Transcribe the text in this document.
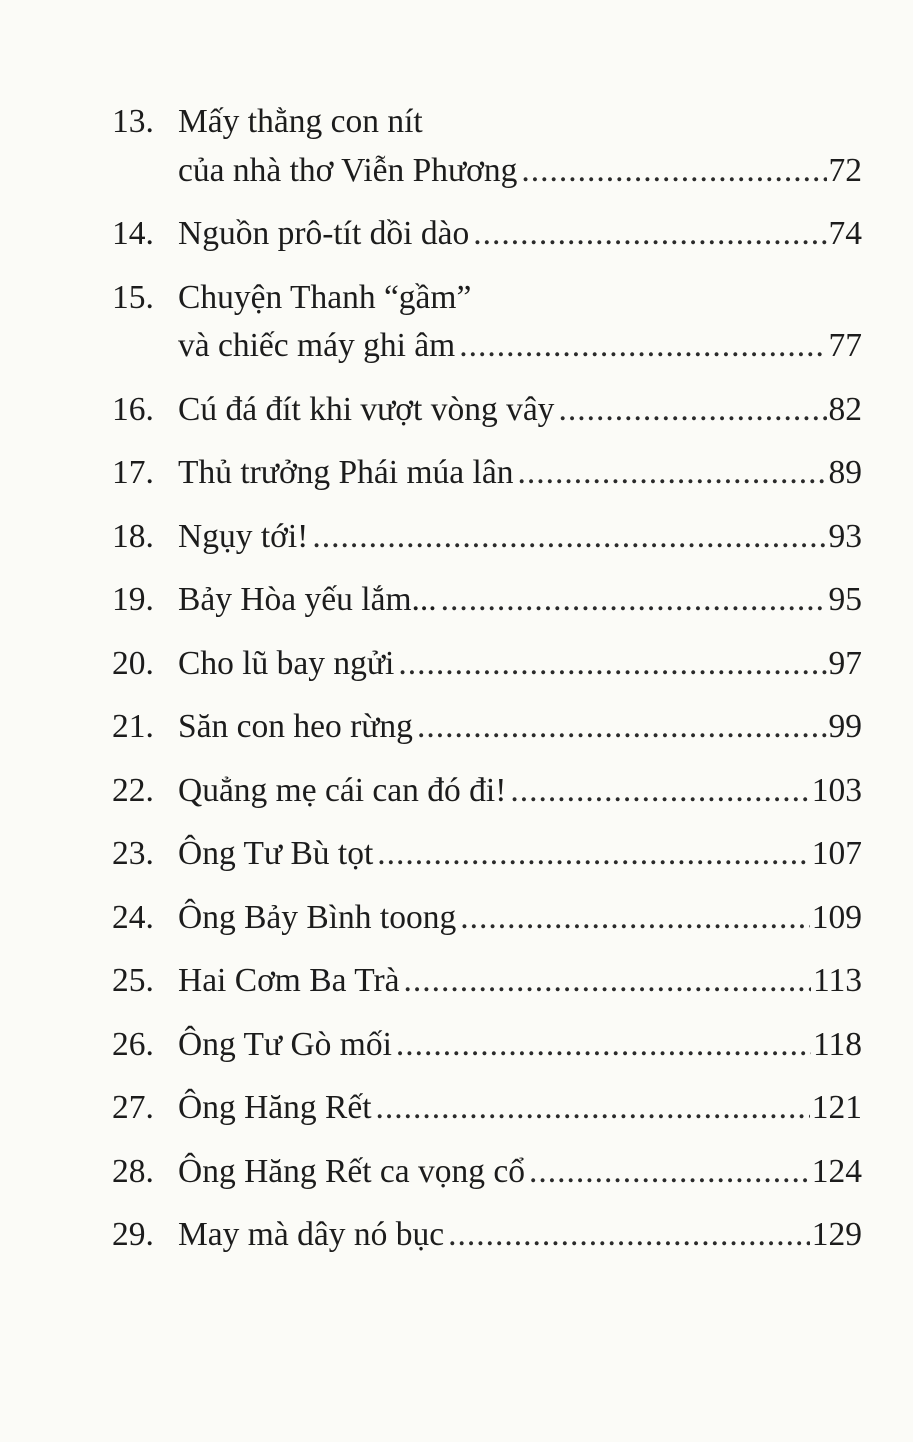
13. Mấy thằng con nít
của nhà thơ Viễn Phương .....	72
14. Nguồn prô-tít dồi dào .....	74
15. Chuyện Thanh “gầm”
và chiếc máy ghi âm .....	77
16. Cú đá đít khi vượt vòng vây .....	82
17. Thủ trưởng Phái múa lân .....	89
18. Ngụy tới! .....	93
19. Bảy Hòa yếu lắm... .....	95
20. Cho lũ bay ngửi .....	97
21. Săn con heo rừng .....	99
22. Quẳng mẹ cái can đó đi! .....	103
23. Ông Tư Bù tọt .....	107
24. Ông Bảy Bình toong .....	109
25. Hai Cơm Ba Trà .....	113
26. Ông Tư Gò mối .....	118
27. Ông Hăng Rết .....	121
28. Ông Hăng Rết ca vọng cổ .....	124
29. May mà dây nó bục .....	129
